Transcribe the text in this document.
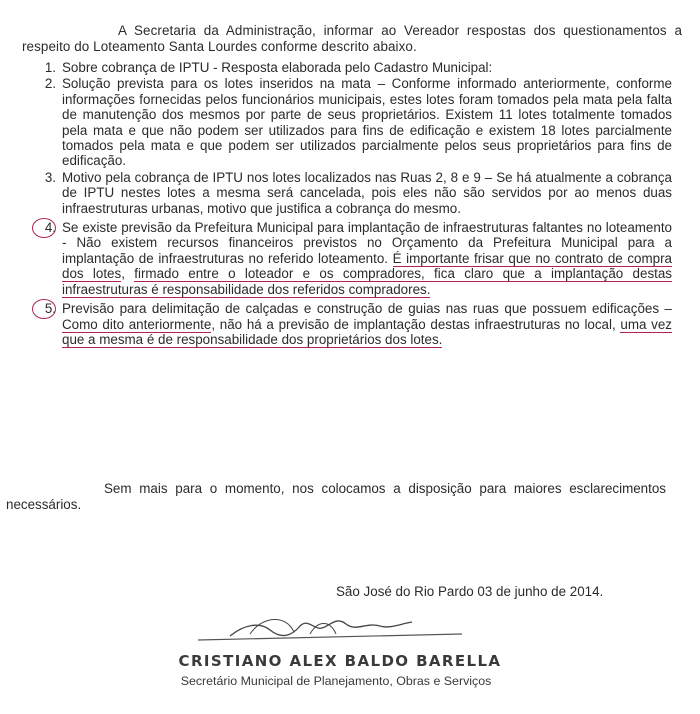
A Secretaria da Administração, informar ao Vereador respostas dos questionamentos a respeito do Loteamento Santa Lourdes conforme descrito abaixo.

1. Sobre cobrança de IPTU - Resposta elaborada pelo Cadastro Municipal:
2. Solução prevista para os lotes inseridos na mata – Conforme informado anteriormente, conforme informações fornecidas pelos funcionários municipais, estes lotes foram tomados pela mata pela falta de manutenção dos mesmos por parte de seus proprietários. Existem 11 lotes totalmente tomados pela mata e que não podem ser utilizados para fins de edificação e existem 18 lotes parcialmente tomados pela mata e que podem ser utilizados parcialmente pelos seus proprietários para fins de edificação.
3. Motivo pela cobrança de IPTU nos lotes localizados nas Ruas 2, 8 e 9 – Se há atualmente a cobrança de IPTU nestes lotes a mesma será cancelada, pois eles não são servidos por ao menos duas infraestruturas urbanas, motivo que justifica a cobrança do mesmo.
4. Se existe previsão da Prefeitura Municipal para implantação de infraestruturas faltantes no loteamento - Não existem recursos financeiros previstos no Orçamento da Prefeitura Municipal para a implantação de infraestruturas no referido loteamento. É importante frisar que no contrato de compra dos lotes, firmado entre o loteador e os compradores, fica claro que a implantação destas infraestruturas é responsabilidade dos referidos compradores.
5. Previsão para delimitação de calçadas e construção de guias nas ruas que possuem edificações – Como dito anteriormente, não há a previsão de implantação destas infraestruturas no local, uma vez que a mesma é de responsabilidade dos proprietários dos lotes.

Sem mais para o momento, nos colocamos a disposição para maiores esclarecimentos necessários.

São José do Rio Pardo 03 de junho de 2014.
CRISTIANO ALEX BALDO BARELLA
Secretário Municipal de Planejamento, Obras e Serviços
